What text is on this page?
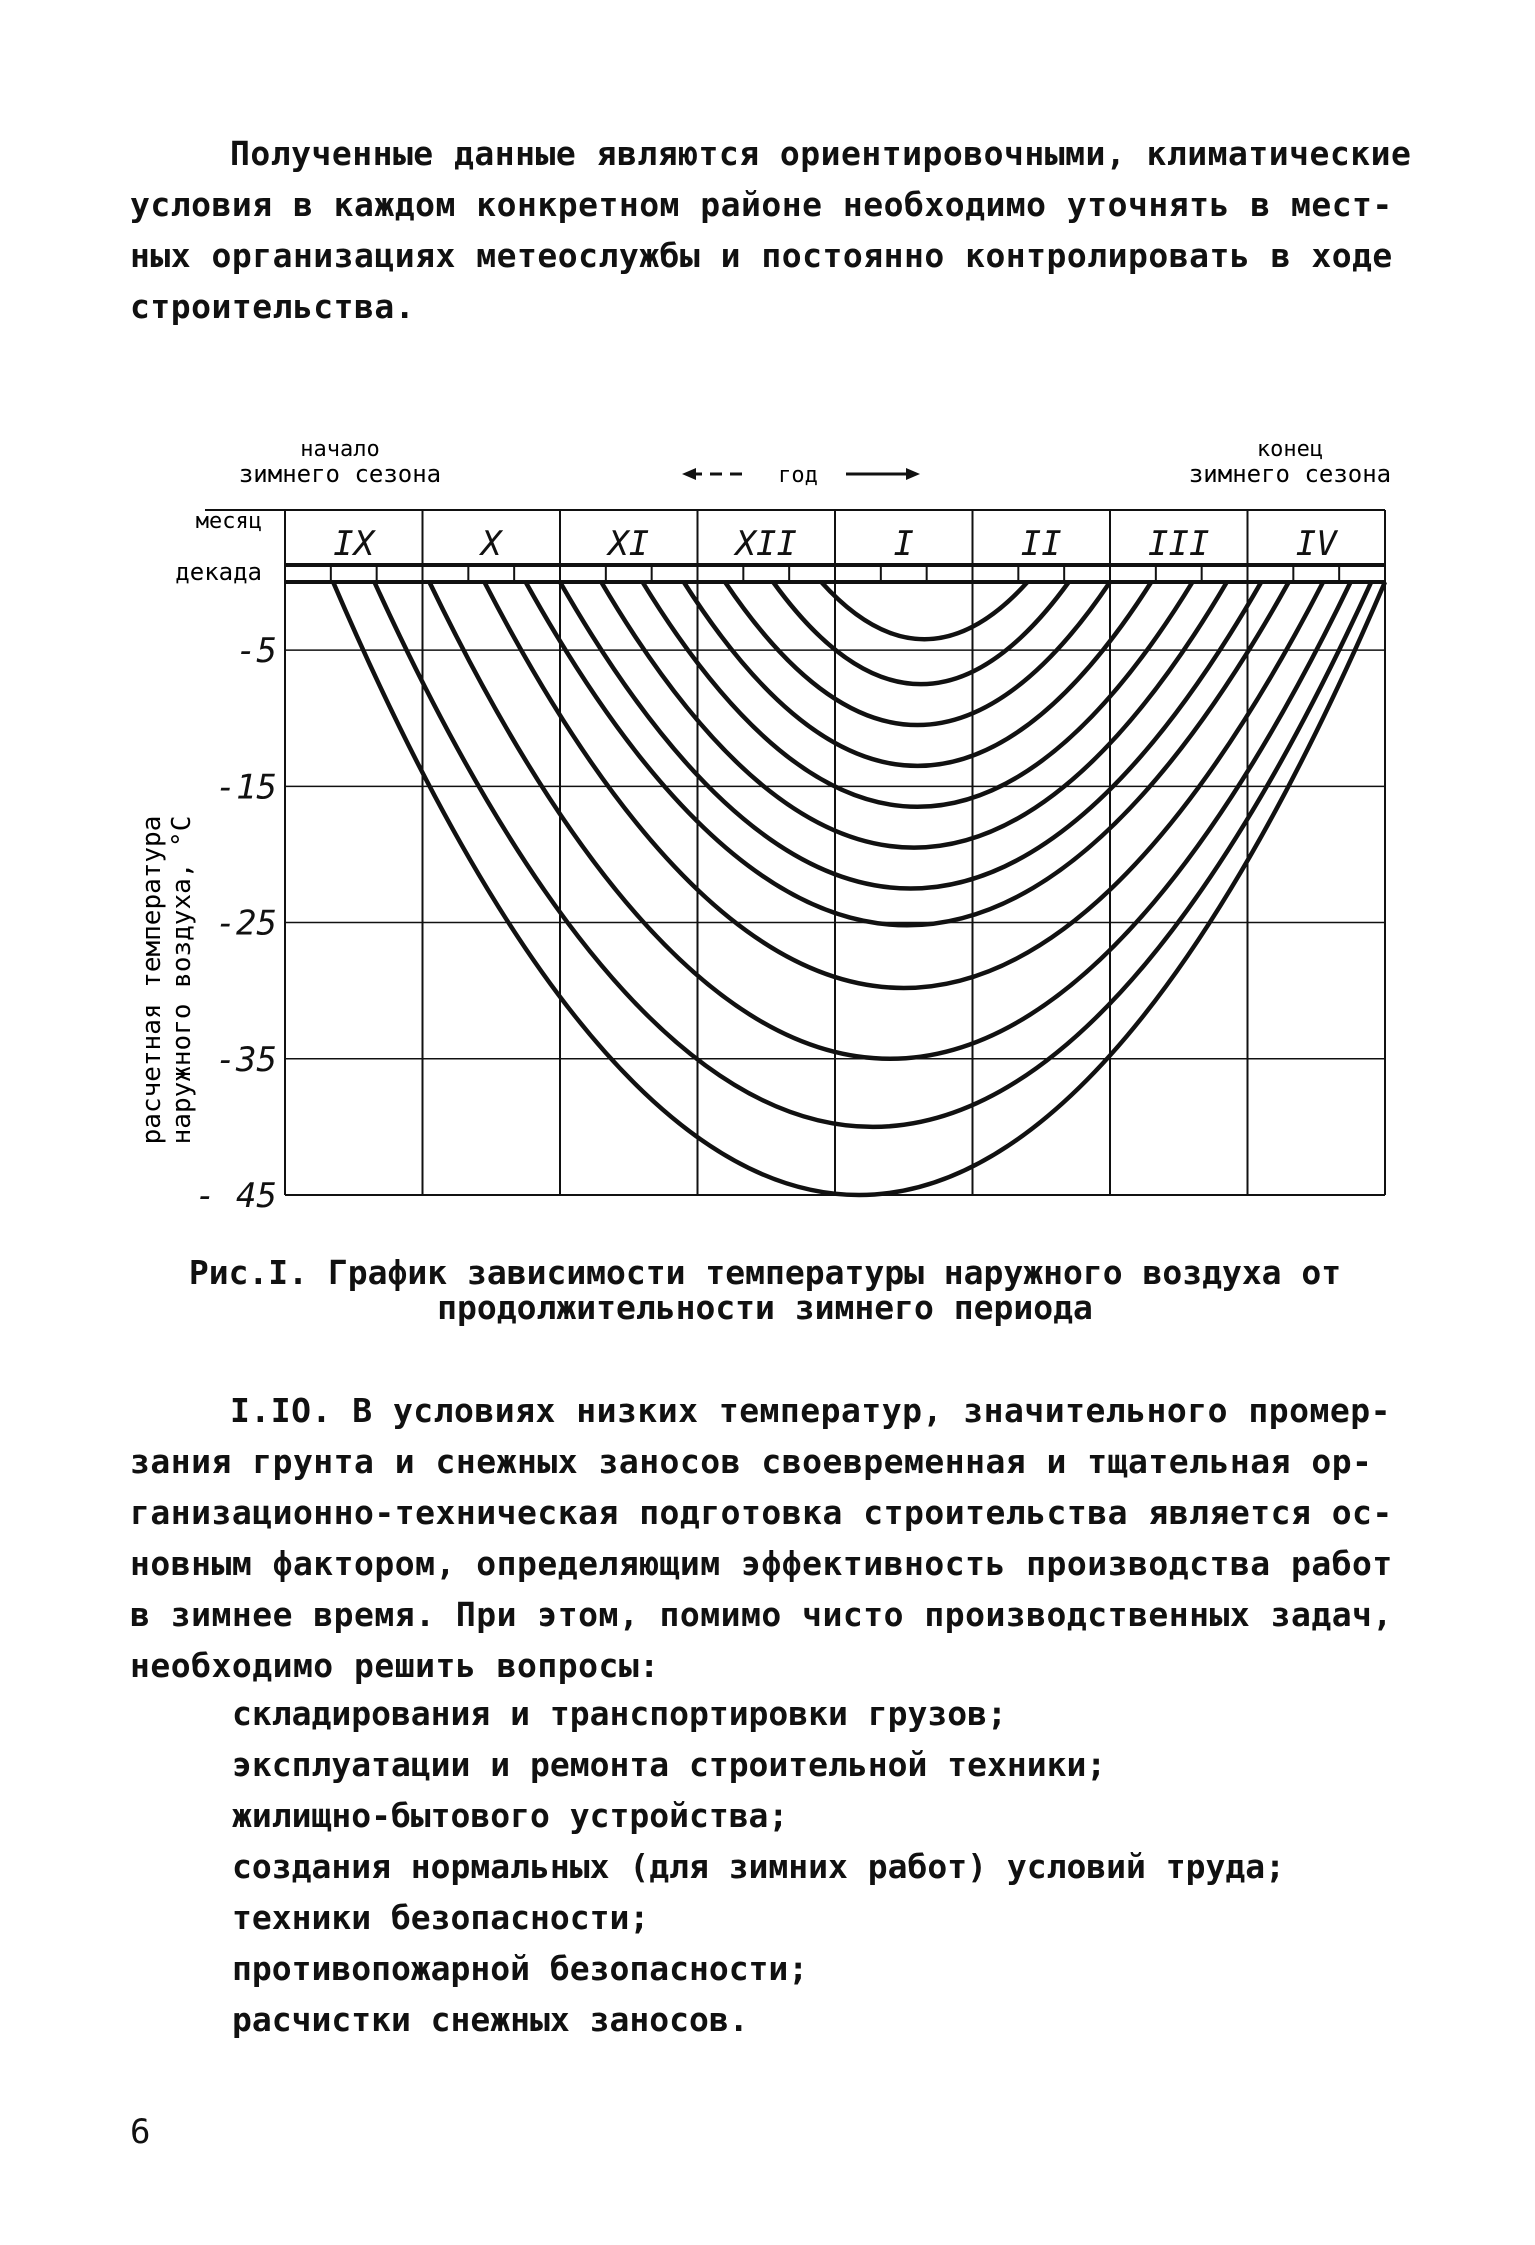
Полученные данные являются ориентировочными, климатические
условия в каждом конкретном районе необходимо уточнять в мест-
ных организациях метеослужбы и постоянно контролировать в ходе
строительства.
начало
зимнего сезона	год
конец
зимнего сезона
месяц
декада
расчетная температура наружного воздуха, °С
IX	X	XI	XII	I	II	III	IV
-5
-15
-25
-35
- 45
Рис.I. График зависимости температуры наружного воздуха от
продолжительности зимнего периода
I.IO. В условиях низких температур, значительного промер-
зания грунта и снежных заносов своевременная и тщательная ор-
ганизационно-техническая подготовка строительства является ос-
новным фактором, определяющим эффективность производства работ
в зимнее время. При этом, помимо чисто производственных задач,
необходимо решить вопросы:
складирования и транспортировки грузов;
эксплуатации и ремонта строительной техники;
жилищно-бытового устройства;
создания нормальных (для зимних работ) условий труда;
техники безопасности;
противопожарной безопасности;
расчистки снежных заносов.
6
